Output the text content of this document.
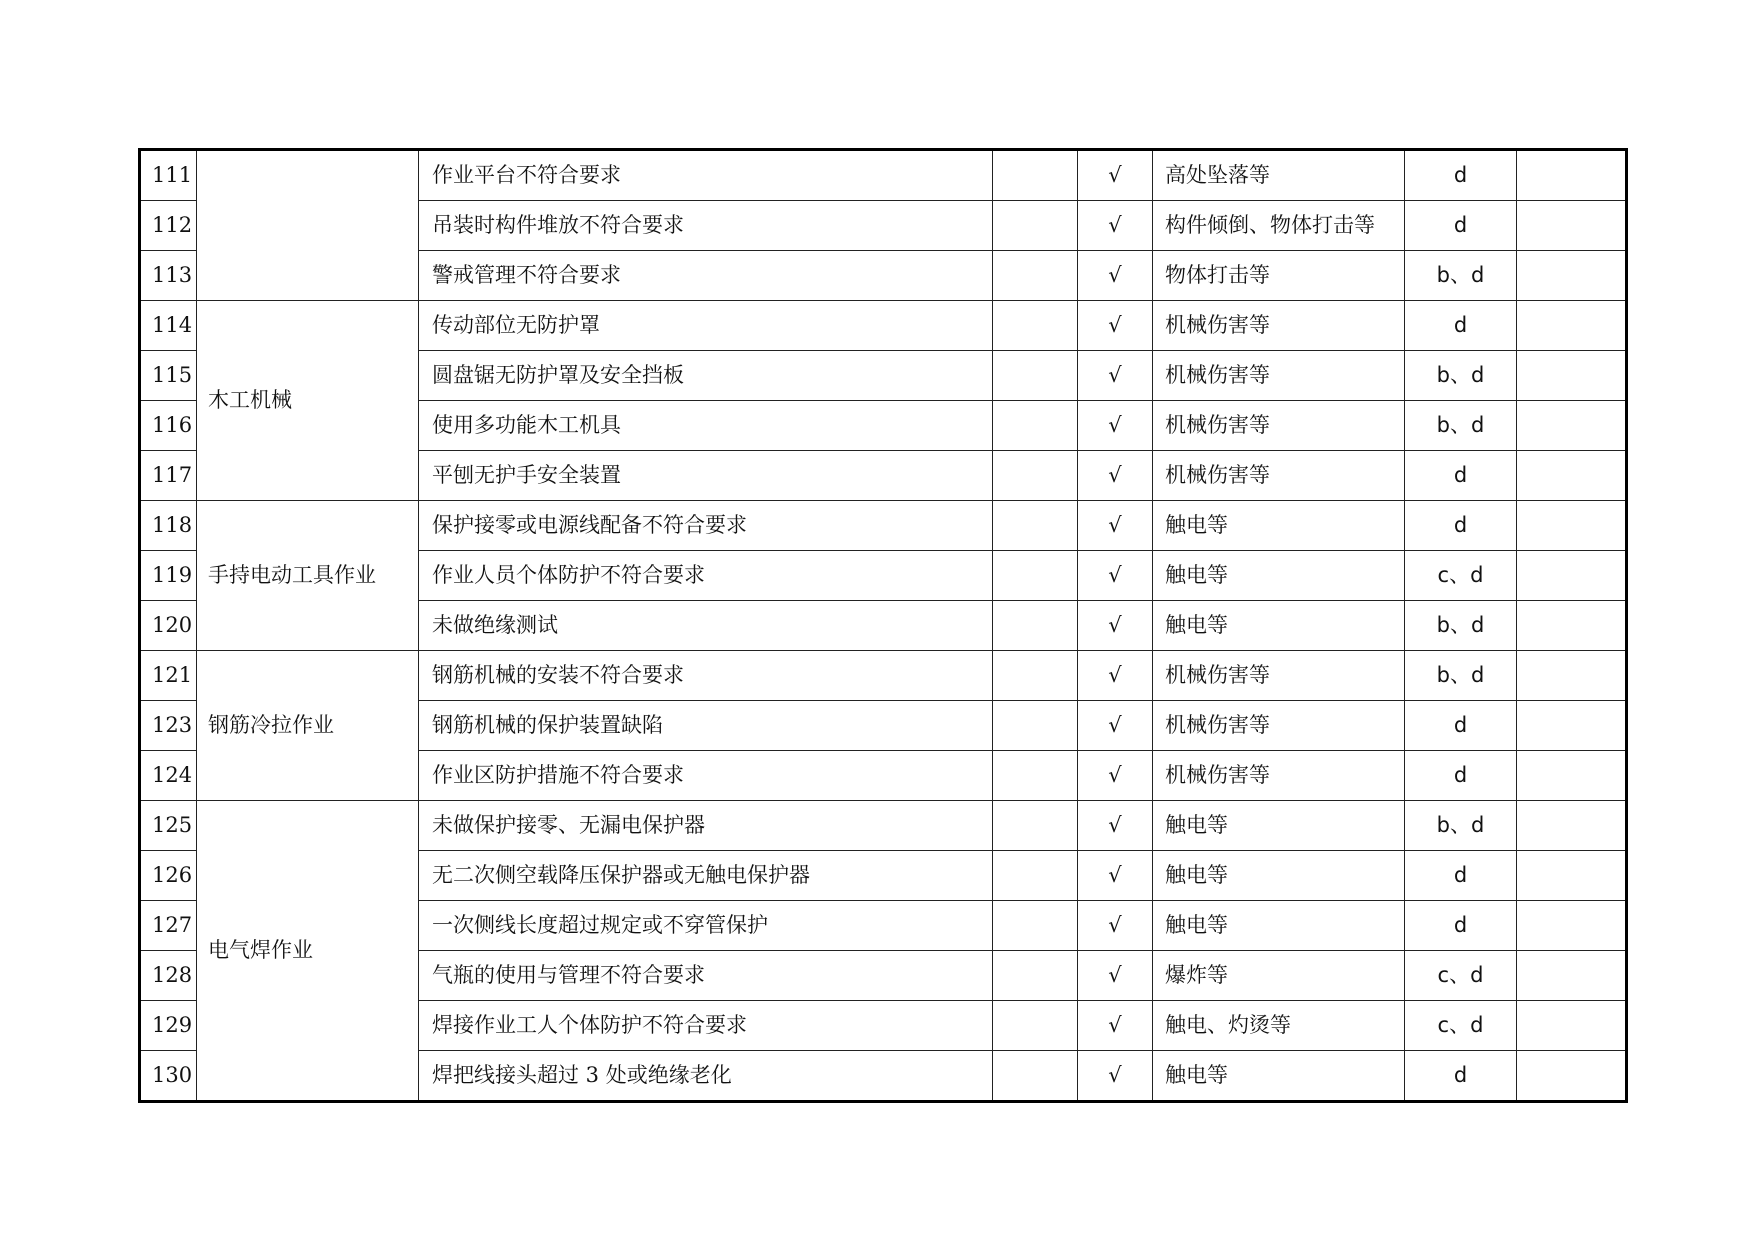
111		作业平台不符合要求		√	高处坠落等	d	
112		吊装时构件堆放不符合要求		√	构件倾倒、物体打击等	d	
113		警戒管理不符合要求		√	物体打击等	b、d	
114	木工机械	传动部位无防护罩		√	机械伤害等	d	
115		圆盘锯无防护罩及安全挡板		√	机械伤害等	b、d	
116		使用多功能木工机具		√	机械伤害等	b、d	
117		平刨无护手安全装置		√	机械伤害等	d	
118	手持电动工具作业	保护接零或电源线配备不符合要求		√	触电等	d	
119		作业人员个体防护不符合要求		√	触电等	c、d	
120		未做绝缘测试		√	触电等	b、d	
121	钢筋冷拉作业	钢筋机械的安装不符合要求		√	机械伤害等	b、d	
123		钢筋机械的保护装置缺陷		√	机械伤害等	d	
124		作业区防护措施不符合要求		√	机械伤害等	d	
125	电气焊作业	未做保护接零、无漏电保护器		√	触电等	b、d	
126		无二次侧空载降压保护器或无触电保护器		√	触电等	d	
127		一次侧线长度超过规定或不穿管保护		√	触电等	d	
128		气瓶的使用与管理不符合要求		√	爆炸等	c、d	
129		焊接作业工人个体防护不符合要求		√	触电、灼烫等	c、d	
130		焊把线接头超过 3 处或绝缘老化		√	触电等	d	
